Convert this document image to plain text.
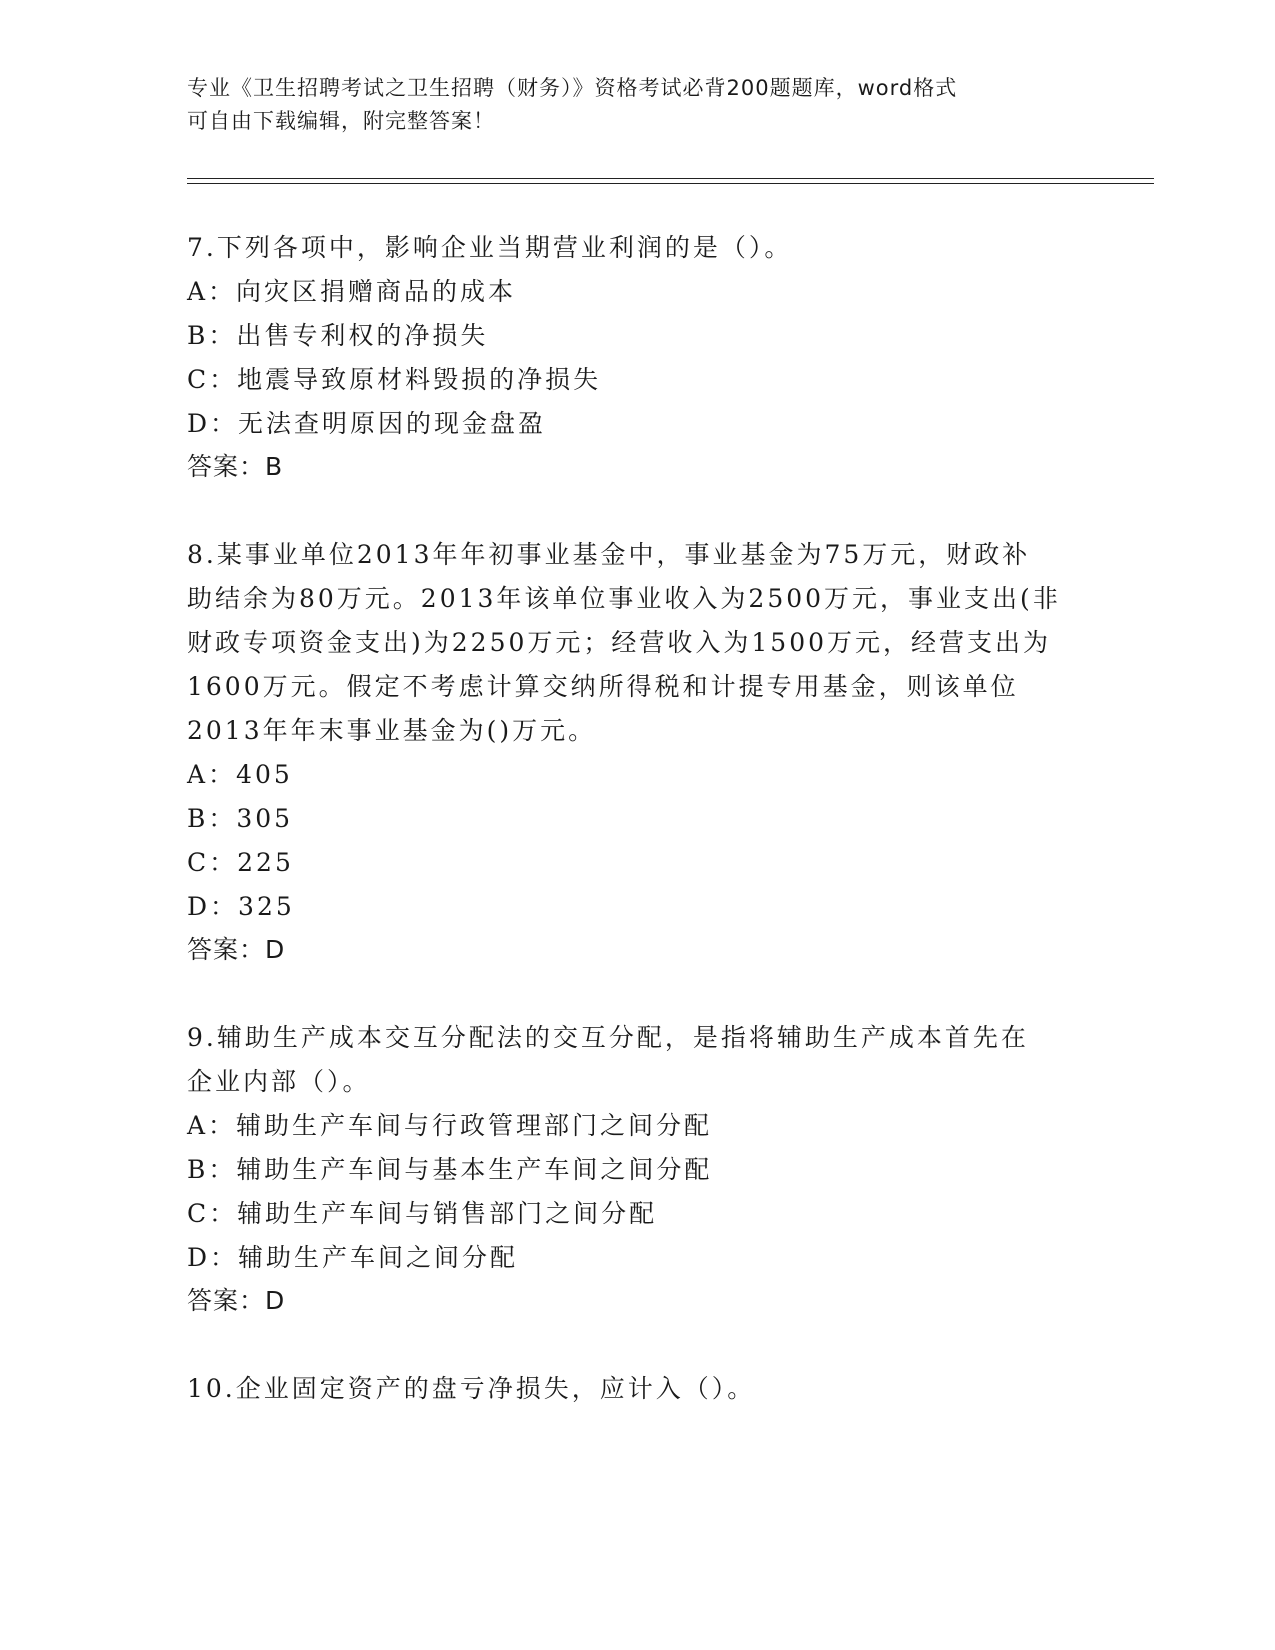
专业《卫生招聘考试之卫生招聘（财务）》资格考试必背200题题库，word格式
可自由下载编辑，附完整答案！
7.下列各项中，影响企业当期营业利润的是（）。
A：向灾区捐赠商品的成本
B：出售专利权的净损失
C：地震导致原材料毁损的净损失
D：无法查明原因的现金盘盈
答案：B
8.某事业单位2013年年初事业基金中，事业基金为75万元，财政补
助结余为80万元。2013年该单位事业收入为2500万元，事业支出(非
财政专项资金支出)为2250万元；经营收入为1500万元，经营支出为
1600万元。假定不考虑计算交纳所得税和计提专用基金，则该单位
2013年年末事业基金为()万元。
A：405
B：305
C：225
D：325
答案：D
9.辅助生产成本交互分配法的交互分配，是指将辅助生产成本首先在
企业内部（）。
A：辅助生产车间与行政管理部门之间分配
B：辅助生产车间与基本生产车间之间分配
C：辅助生产车间与销售部门之间分配
D：辅助生产车间之间分配
答案：D
10.企业固定资产的盘亏净损失，应计入（）。
